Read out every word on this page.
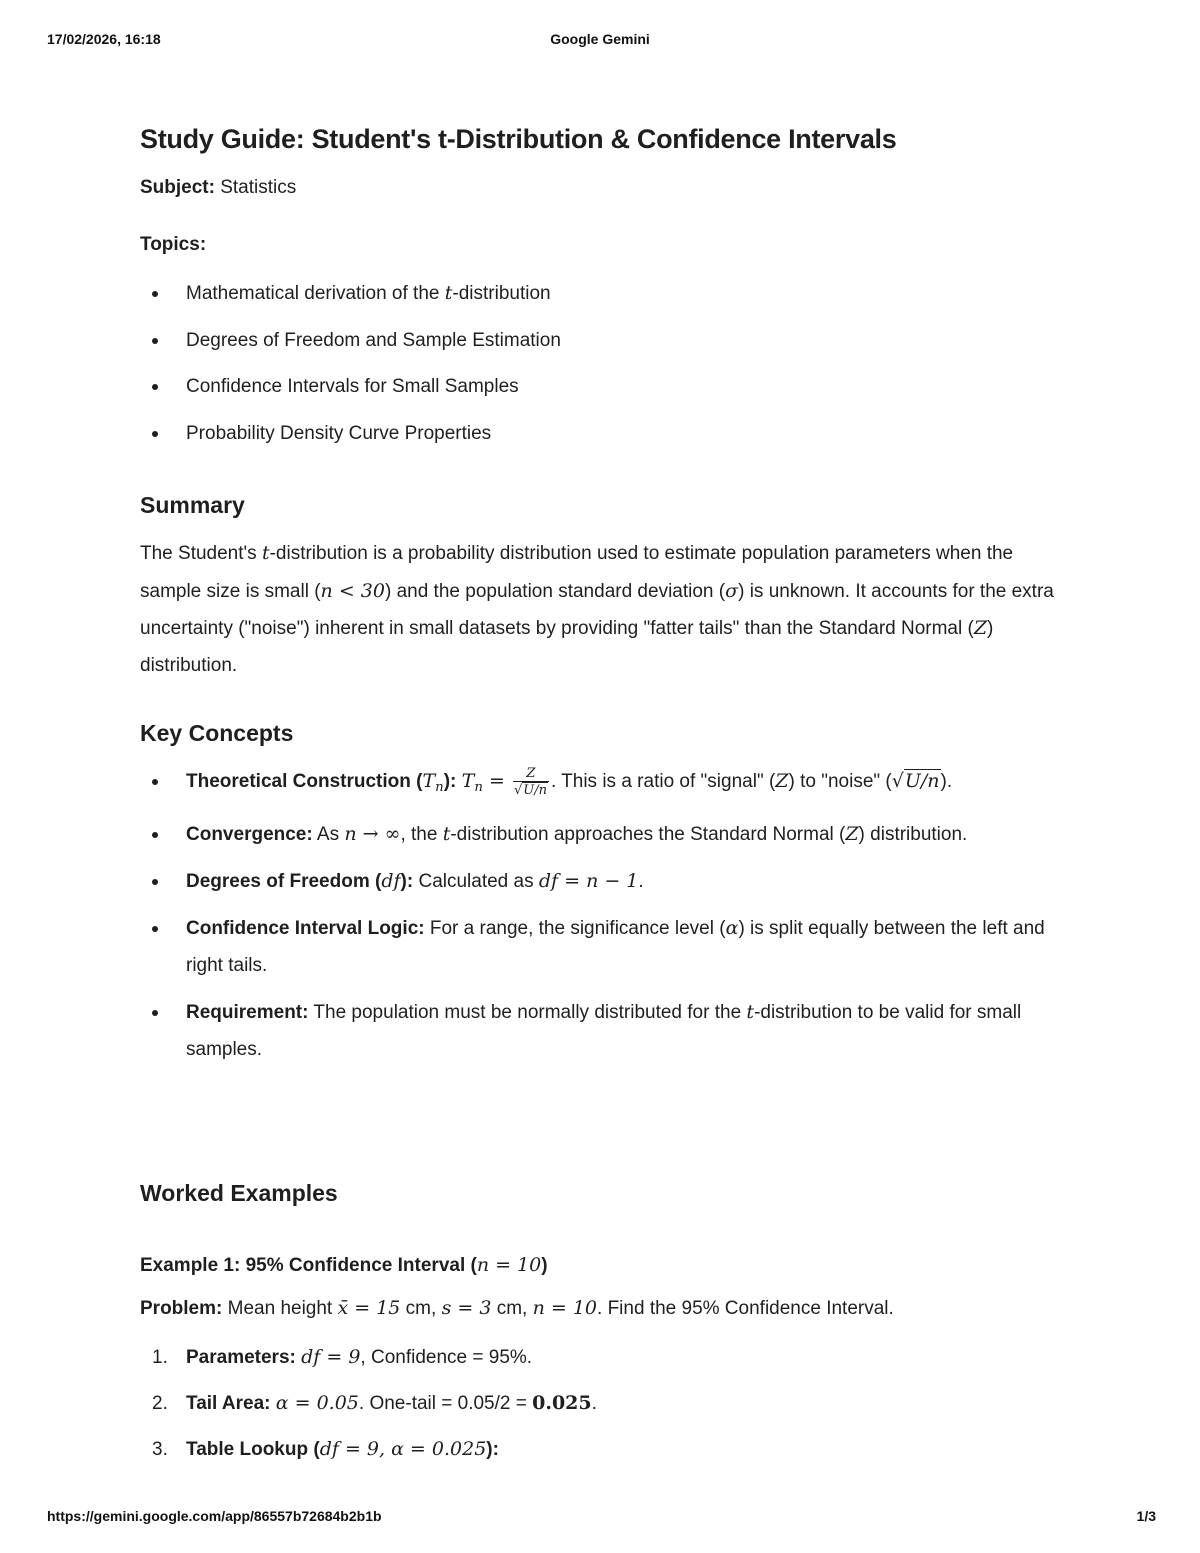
17/02/2026, 16:18	Google Gemini
Study Guide: Student's t-Distribution & Confidence Intervals
Subject: Statistics
Topics:
Mathematical derivation of the t-distribution
Degrees of Freedom and Sample Estimation
Confidence Intervals for Small Samples
Probability Density Curve Properties
Summary
The Student's t-distribution is a probability distribution used to estimate population parameters when the sample size is small (n < 30) and the population standard deviation (σ) is unknown. It accounts for the extra uncertainty ("noise") inherent in small datasets by providing "fatter tails" than the Standard Normal (Z) distribution.
Key Concepts
Theoretical Construction $(T_n)$: $T_n = \frac{Z}{√U/n}$ . This is a ratio of "signal" (Z) to "noise" (√U/n).
Convergence: As n → ∞, the t-distribution approaches the Standard Normal (Z) distribution.
Degrees of Freedom (df): Calculated as df = n − 1.
Confidence Interval Logic: For a range, the significance level (α) is split equally between the left and right tails.
Requirement: The population must be normally distributed for the t-distribution to be valid for small samples.
Worked Examples
Example 1: 95% Confidence Interval (n = 10)
Problem: Mean height x̄ = 15 cm, s = 3 cm, n = 10. Find the 95% Confidence Interval.
1. Parameters: df = 9, Confidence = 95%.
2. Tail Area: α = 0.05. One-tail = 0.05/2 = 0.025.
3. Table Lookup (df = 9, α = 0.025):
https://gemini.google.com/app/86557b72684b2b1b	1/3
